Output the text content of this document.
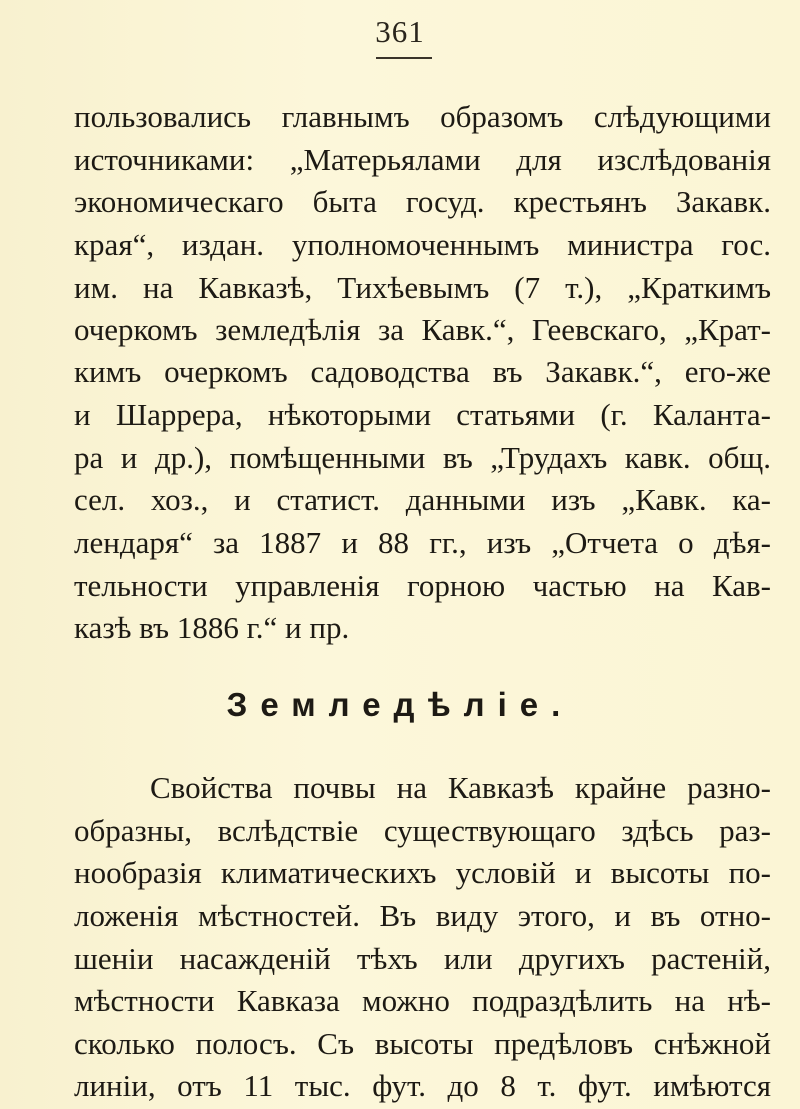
361
пользовались главнымъ образомъ слѣдующими
источниками: „Матерьялами для изслѣдованія
экономическаго быта госуд. крестьянъ Закавк.
края“, издан. уполномоченнымъ министра гос.
им. на Кавказѣ, Тихѣевымъ (7 т.), „Краткимъ
очеркомъ земледѣлія за Кавк.“, Геевскаго, „Крат-
кимъ очеркомъ садоводства въ Закавк.“, его-же
и Шаррера, нѣкоторыми статьями (г. Каланта-
ра и др.), помѣщенными въ „Трудахъ кавк. общ.
сел. хоз., и статист. данными изъ „Кавк. ка-
лендаря“ за 1887 и 88 гг., изъ „Отчета о дѣя-
тельности управленія горною частью на Кав-
казѣ въ 1886 г.“ и пр.
Земледѣліе.
Свойства почвы на Кавказѣ крайне разно-
образны, вслѣдствіе существующаго здѣсь раз-
нообразія климатическихъ условій и высоты по-
ложенія мѣстностей. Въ виду этого, и въ отно-
шеніи насажденій тѣхъ или другихъ растеній,
мѣстности Кавказа можно подраздѣлить на нѣ-
сколько полосъ. Съ высоты предѣловъ снѣжной
линіи, отъ 11 тыс. фут. до 8 т. фут. имѣются
